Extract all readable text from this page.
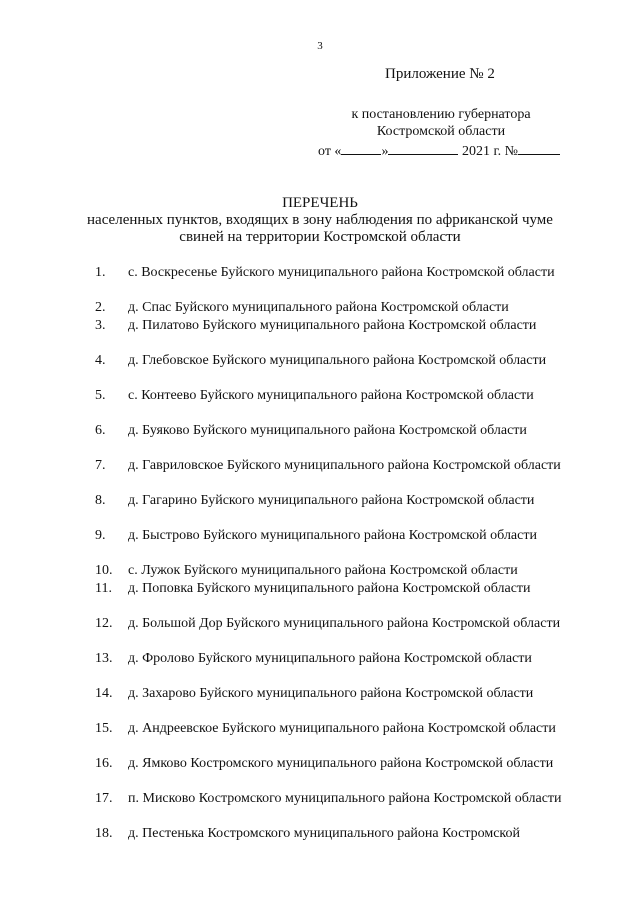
3
Приложение № 2
к постановлению губернатора
Костромской области
от «	»	2021 г. №
ПЕРЕЧЕНЬ
населенных пунктов, входящих в зону наблюдения по африканской чуме
свиней на территории Костромской области
1.	с. Воскресенье Буйского муниципального района Костромской области
2.	д. Спас Буйского муниципального района Костромской области
3.	д. Пилатово Буйского муниципального района Костромской области
4.	д. Глебовское Буйского муниципального района Костромской области
5.	с. Контеево Буйского муниципального района Костромской области
6.	д. Буяково Буйского муниципального района Костромской области
7.	д. Гавриловское Буйского муниципального района Костромской области
8.	д. Гагарино Буйского муниципального района Костромской области
9.	д. Быстрово Буйского муниципального района Костромской области
10.	с. Лужок Буйского муниципального района Костромской области
11.	д. Поповка Буйского муниципального района Костромской области
12.	д. Большой Дор Буйского муниципального района Костромской области
13.	д. Фролово Буйского муниципального района Костромской области
14.	д. Захарово Буйского муниципального района Костромской области
15.	д. Андреевское Буйского муниципального района Костромской области
16.	д. Ямково Костромского муниципального района Костромской области
17.	п. Мисково Костромского муниципального района Костромской области
18.	д. Пестенька Костромского муниципального района Костромской
